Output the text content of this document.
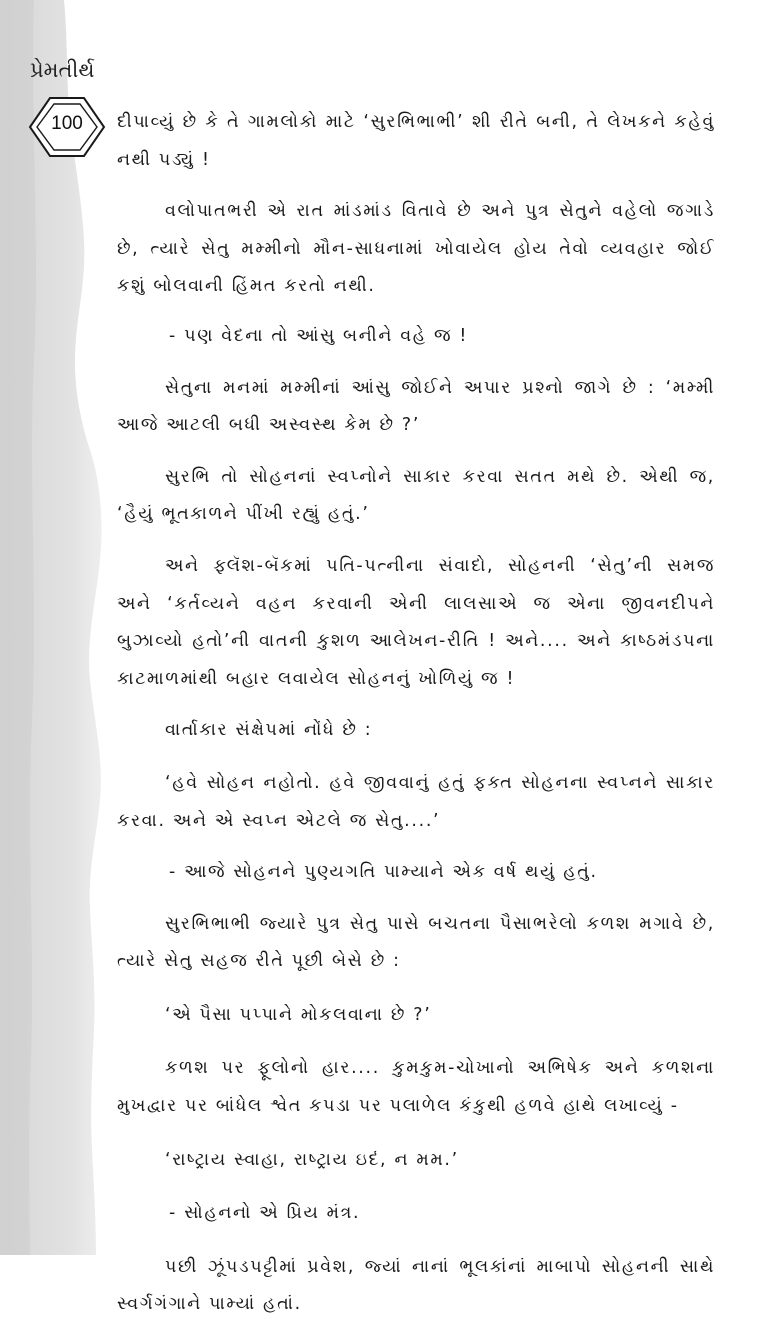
પ્રેમતીર્થ
100	દીપાવ્યું છે કે તે ગામલોકો માટે ‘સુરભિભાભી’ શી રીતે બની, તે લેખકને કહેવું નથી પડ્યું !

વલોપાતભરી એ રાત માંડમાંડ વિતાવે છે અને પુત્ર સેતુને વહેલો જગાડે છે, ત્યારે સેતુ મમ્મીનો મૌન-સાધનામાં ખોવાયેલ હોય તેવો વ્યવહાર જોઈ કશું બોલવાની હિંમત કરતો નથી.

- પણ વેદના તો આંસુ બનીને વહે જ !

સેતુના મનમાં મમ્મીનાં આંસુ જોઈને અપાર પ્રશ્નો જાગે છે : ‘મમ્મી આજે આટલી બધી અસ્વસ્થ કેમ છે ?’

સુરભિ તો સોહનનાં સ્વપ્નોને સાકાર કરવા સતત મથે છે. એથી જ, ‘હૈયું ભૂતકાળને પીંખી રહ્યું હતું.’

અને ફ્લૅશ-બૅકમાં પતિ-પત્નીના સંવાદો, સોહનની ‘સેતુ’ની સમજ અને ‘કર્તવ્યને વહન કરવાની એની લાલસાએ જ એના જીવનદીપને બુઝાવ્યો હતો’ની વાતની કુશળ આલેખન-રીતિ ! અને.... અને કાષ્ઠમંડપના કાટમાળમાંથી બહાર લવાયેલ સોહનનું ખોળિયું જ !

વાર્તાકાર સંક્ષેપમાં નોંધે છે :

‘હવે સોહન નહોતો. હવે જીવવાનું હતું ફક્ત સોહનના સ્વપ્નને સાકાર કરવા. અને એ સ્વપ્ન એટલે જ સેતુ....’

- આજે સોહનને પુણ્યગતિ પામ્યાને એક વર્ષ થયું હતું.

સુરભિભાભી જ્યારે પુત્ર સેતુ પાસે બચતના પૈસાભરેલો કળશ મગાવે છે, ત્યારે સેતુ સહજ રીતે પૂછી બેસે છે :

‘એ પૈસા પપ્પાને મોકલવાના છે ?’

કળશ પર ફૂલોનો હાર.... કુમકુમ-ચોખાનો અભિષેક અને કળશના મુખદ્વાર પર બાંધેલ શ્વેત કપડા પર પલાળેલ કંકુથી હળવે હાથે લખાવ્યું -

‘રાષ્ટ્રાય સ્વાહા, રાષ્ટ્રાય ઇદં, ન મમ.’

- સોહનનો એ પ્રિય મંત્ર.

પછી ઝૂંપડપટ્ટીમાં પ્રવેશ, જ્યાં નાનાં ભૂલકાંનાં માબાપો સોહનની સાથે સ્વર્ગગંગાને પામ્યાં હતાં.
